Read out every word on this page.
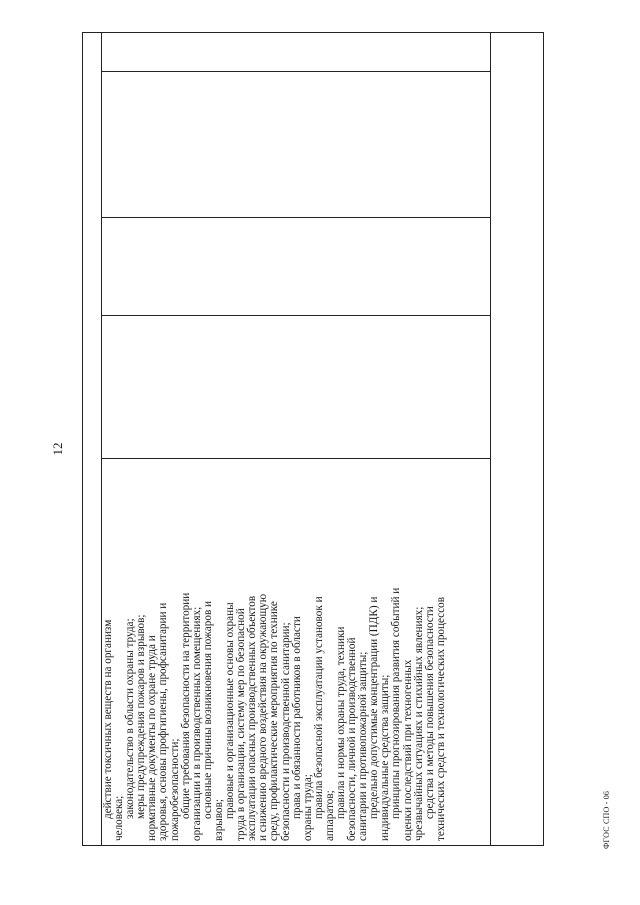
12
действие токсичных веществ на организм человека; законодательство в области охраны труда; меры предупреждения пожаров и взрывов; нормативные документы по охране труда и здоровья, основы профгигиены, профсанитарии и пожаробезопасности; общие требования безопасности на территории организации и в производственных помещениях; основные причины возникновения пожаров и
взрывов;
правовые и организационные основы охраны труда в организации, систему мер по безопасной эксплуатации опасных производственных объектов и снижению вредного воздействия на окружающую среду, профилактические мероприятия по технике безопасности и производственной санитарии; права и обязанности работников в области охраны труда; правила безопасной эксплуатации установок и аппаратов; правила и нормы охраны труда, техники безопасности, личной и производственной санитарии и противопожарной защиты; предельно допустимые концентрации (ПДК) и индивидуальные средства защиты; принципы прогнозирования развития событий и оценки последствий при техногенных чрезвычайных ситуациях и стихийных явлениях; средства и методы повышения безопасности технических средств и технологических процессов	ФГОС СПО - 06
